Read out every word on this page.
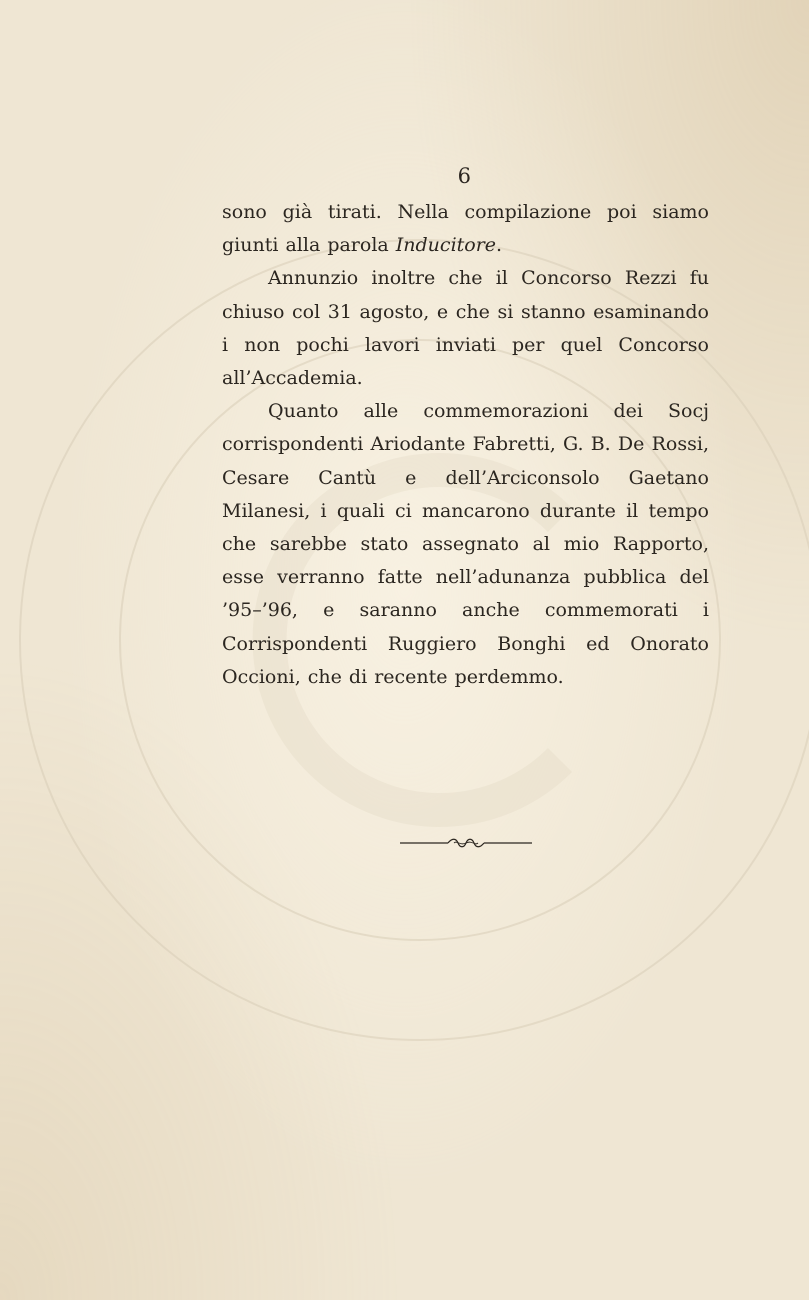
6

sono già tirati. Nella compilazione poi siamo giunti alla parola Inducitore.

Annunzio inoltre che il Concorso Rezzi fu chiuso col 31 agosto, e che si stanno esaminando i non pochi lavori inviati per quel Concorso all’Accademia.

Quanto alle commemorazioni dei Socj corrispondenti Ariodante Fabretti, G. B. De Rossi, Cesare Cantù e dell’Arciconsolo Gaetano Milanesi, i quali ci mancarono durante il tempo che sarebbe stato assegnato al mio Rapporto, esse verranno fatte nell’adunanza pubblica del ’95–’96, e saranno anche commemorati i Corrispondenti Ruggiero Bonghi ed Onorato Occioni, che di recente perdemmo.
